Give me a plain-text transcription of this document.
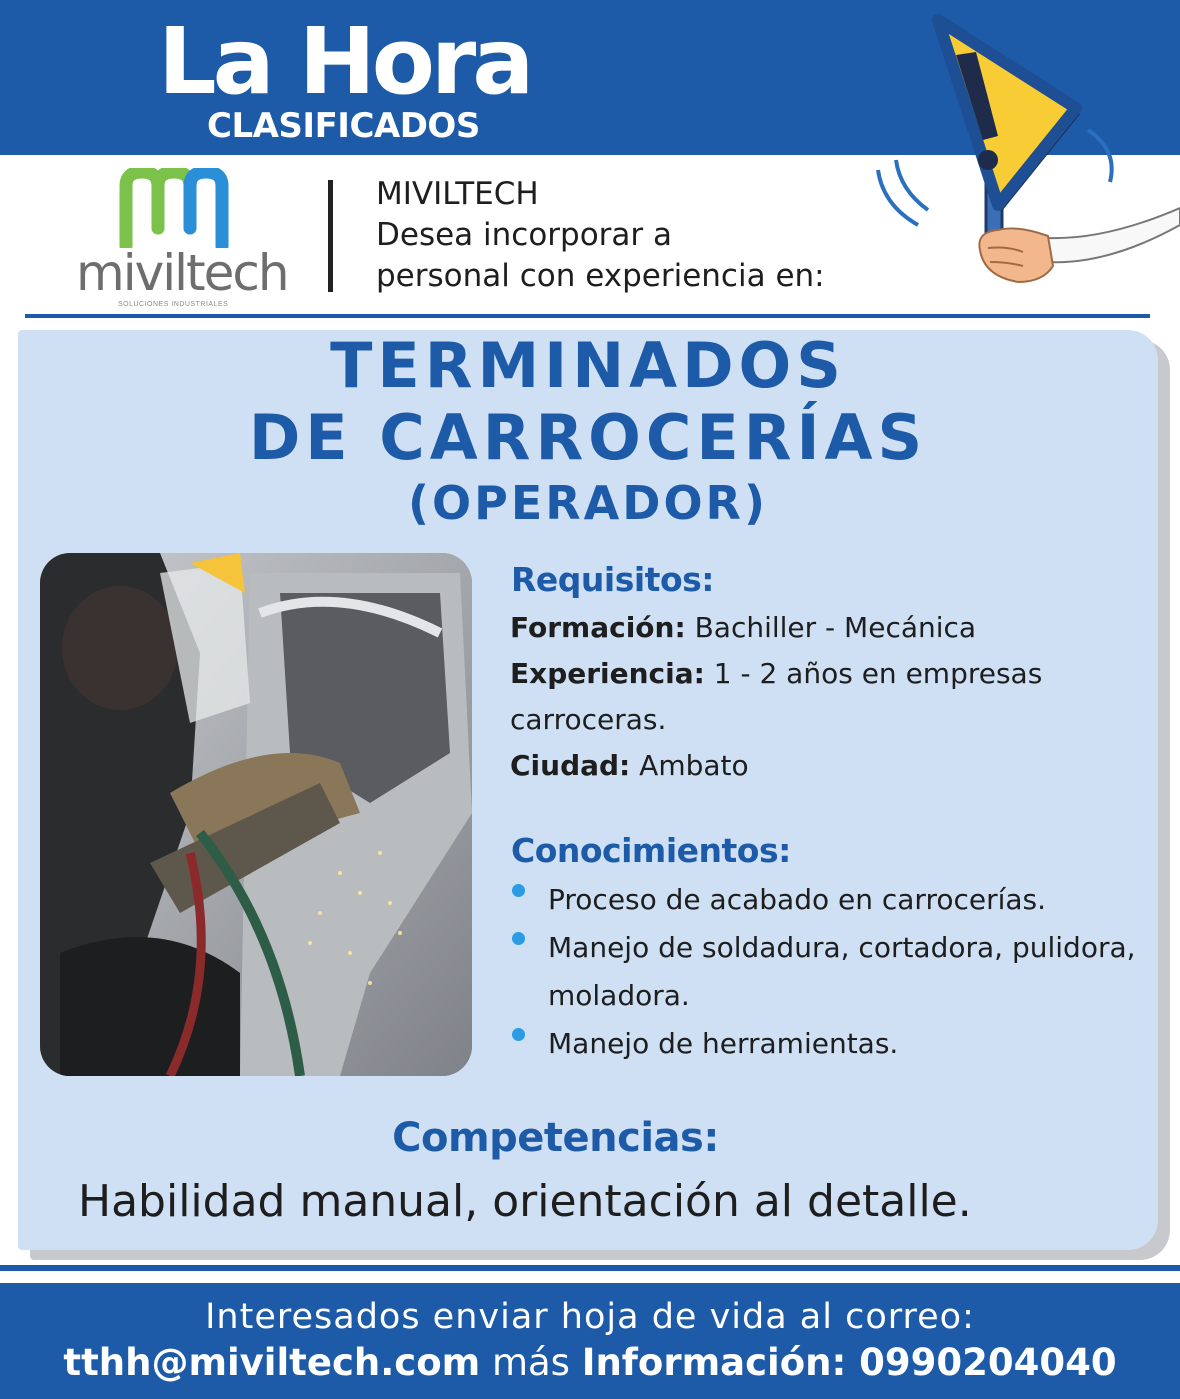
La Hora
CLASIFICADOS
miviltech
SOLUCIONES INDUSTRIALES
MIVILTECH
Desea incorporar a
personal con experiencia en:
TERMINADOS
DE CARROCERÍAS
(OPERADOR)
Requisitos:
Formación: Bachiller - Mecánica
Experiencia: 1 - 2 años en empresas
carroceras.
Ciudad: Ambato
Conocimientos:
Proceso de acabado en carrocerías.
Manejo de soldadura, cortadora, pulidora, moladora.
Manejo de herramientas.
Competencias:
Habilidad manual, orientación al detalle.
Interesados enviar hoja de vida al correo:
tthh@miviltech.com más Información: 0990204040
